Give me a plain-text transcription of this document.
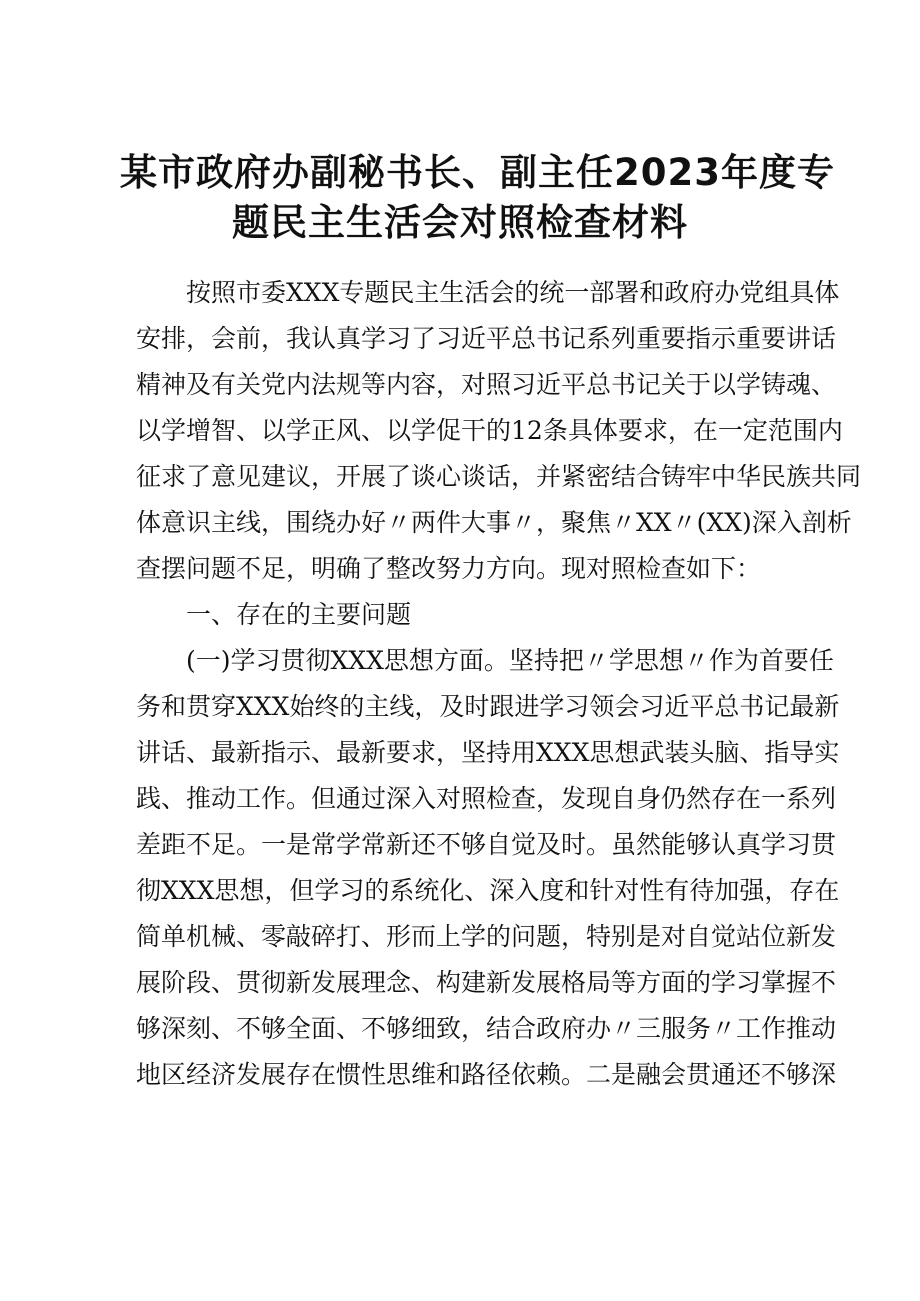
某市政府办副秘书长、副主任2023年度专
题民主生活会对照检查材料
按照市委XXX专题民主生活会的统一部署和政府办党组具体
安排，会前，我认真学习了习近平总书记系列重要指示重要讲话
精神及有关党内法规等内容，对照习近平总书记关于以学铸魂、
以学增智、以学正风、以学促干的12条具体要求，在一定范围内
征求了意见建议，开展了谈心谈话，并紧密结合铸牢中华民族共同
体意识主线，围绕办好〃两件大事〃，聚焦〃XX〃(XX)深入剖析
查摆问题不足，明确了整改努力方向。现对照检查如下：
一、存在的主要问题
(一)学习贯彻XXX思想方面。坚持把〃学思想〃作为首要任
务和贯穿XXX始终的主线，及时跟进学习领会习近平总书记最新
讲话、最新指示、最新要求，坚持用XXX思想武装头脑、指导实
践、推动工作。但通过深入对照检查，发现自身仍然存在一系列
差距不足。一是常学常新还不够自觉及时。虽然能够认真学习贯
彻XXX思想，但学习的系统化、深入度和针对性有待加强，存在
简单机械、零敲碎打、形而上学的问题，特别是对自觉站位新发
展阶段、贯彻新发展理念、构建新发展格局等方面的学习掌握不
够深刻、不够全面、不够细致，结合政府办〃三服务〃工作推动
地区经济发展存在惯性思维和路径依赖。二是融会贯通还不够深
